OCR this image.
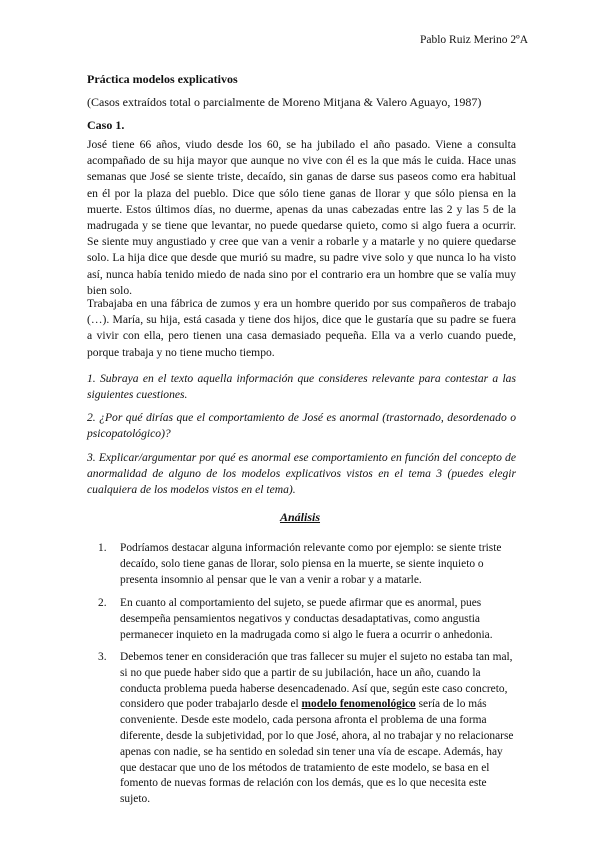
Pablo Ruiz Merino 2ºA
Práctica modelos explicativos
(Casos extraídos total o parcialmente de Moreno Mitjana & Valero Aguayo, 1987)
Caso 1.

José tiene 66 años, viudo desde los 60, se ha jubilado el año pasado. Viene a consulta acompañado de su hija mayor que aunque no vive con él es la que más le cuida. Hace unas semanas que José se siente triste, decaído, sin ganas de darse sus paseos como era habitual en él por la plaza del pueblo. Dice que sólo tiene ganas de llorar y que sólo piensa en la muerte. Estos últimos días, no duerme, apenas da unas cabezadas entre las 2 y las 5 de la madrugada y se tiene que levantar, no puede quedarse quieto, como si algo fuera a ocurrir. Se siente muy angustiado y cree que van a venir a robarle y a matarle y no quiere quedarse solo. La hija dice que desde que murió su madre, su padre vive solo y que nunca lo ha visto así, nunca había tenido miedo de nada sino por el contrario era un hombre que se valía muy bien solo.

Trabajaba en una fábrica de zumos y era un hombre querido por sus compañeros de trabajo (…). María, su hija, está casada y tiene dos hijos, dice que le gustaría que su padre se fuera a vivir con ella, pero tienen una casa demasiado pequeña. Ella va a verlo cuando puede, porque trabaja y no tiene mucho tiempo.

1. Subraya en el texto aquella información que consideres relevante para contestar a las siguientes cuestiones.

2. ¿Por qué dirías que el comportamiento de José es anormal (trastornado, desordenado o psicopatológico)?

3. Explicar/argumentar por qué es anormal ese comportamiento en función del concepto de anormalidad de alguno de los modelos explicativos vistos en el tema 3 (puedes elegir cualquiera de los modelos vistos en el tema).

Análisis
1. Podríamos destacar alguna información relevante como por ejemplo: se siente triste decaído, solo tiene ganas de llorar, solo piensa en la muerte, se siente inquieto o presenta insomnio al pensar que le van a venir a robar y a matarle.
2. En cuanto al comportamiento del sujeto, se puede afirmar que es anormal, pues desempeña pensamientos negativos y conductas desadaptativas, como angustia permanecer inquieto en la madrugada como si algo le fuera a ocurrir o anhedonia.
3. Debemos tener en consideración que tras fallecer su mujer el sujeto no estaba tan mal, si no que puede haber sido que a partir de su jubilación, hace un año, cuando la conducta problema pueda haberse desencadenado. Así que, según este caso concreto, considero que poder trabajarlo desde el modelo fenomenológico sería de lo más conveniente. Desde este modelo, cada persona afronta el problema de una forma diferente, desde la subjetividad, por lo que José, ahora, al no trabajar y no relacionarse apenas con nadie, se ha sentido en soledad sin tener una vía de escape. Además, hay que destacar que uno de los métodos de tratamiento de este modelo, se basa en el fomento de nuevas formas de relación con los demás, que es lo que necesita este sujeto.
